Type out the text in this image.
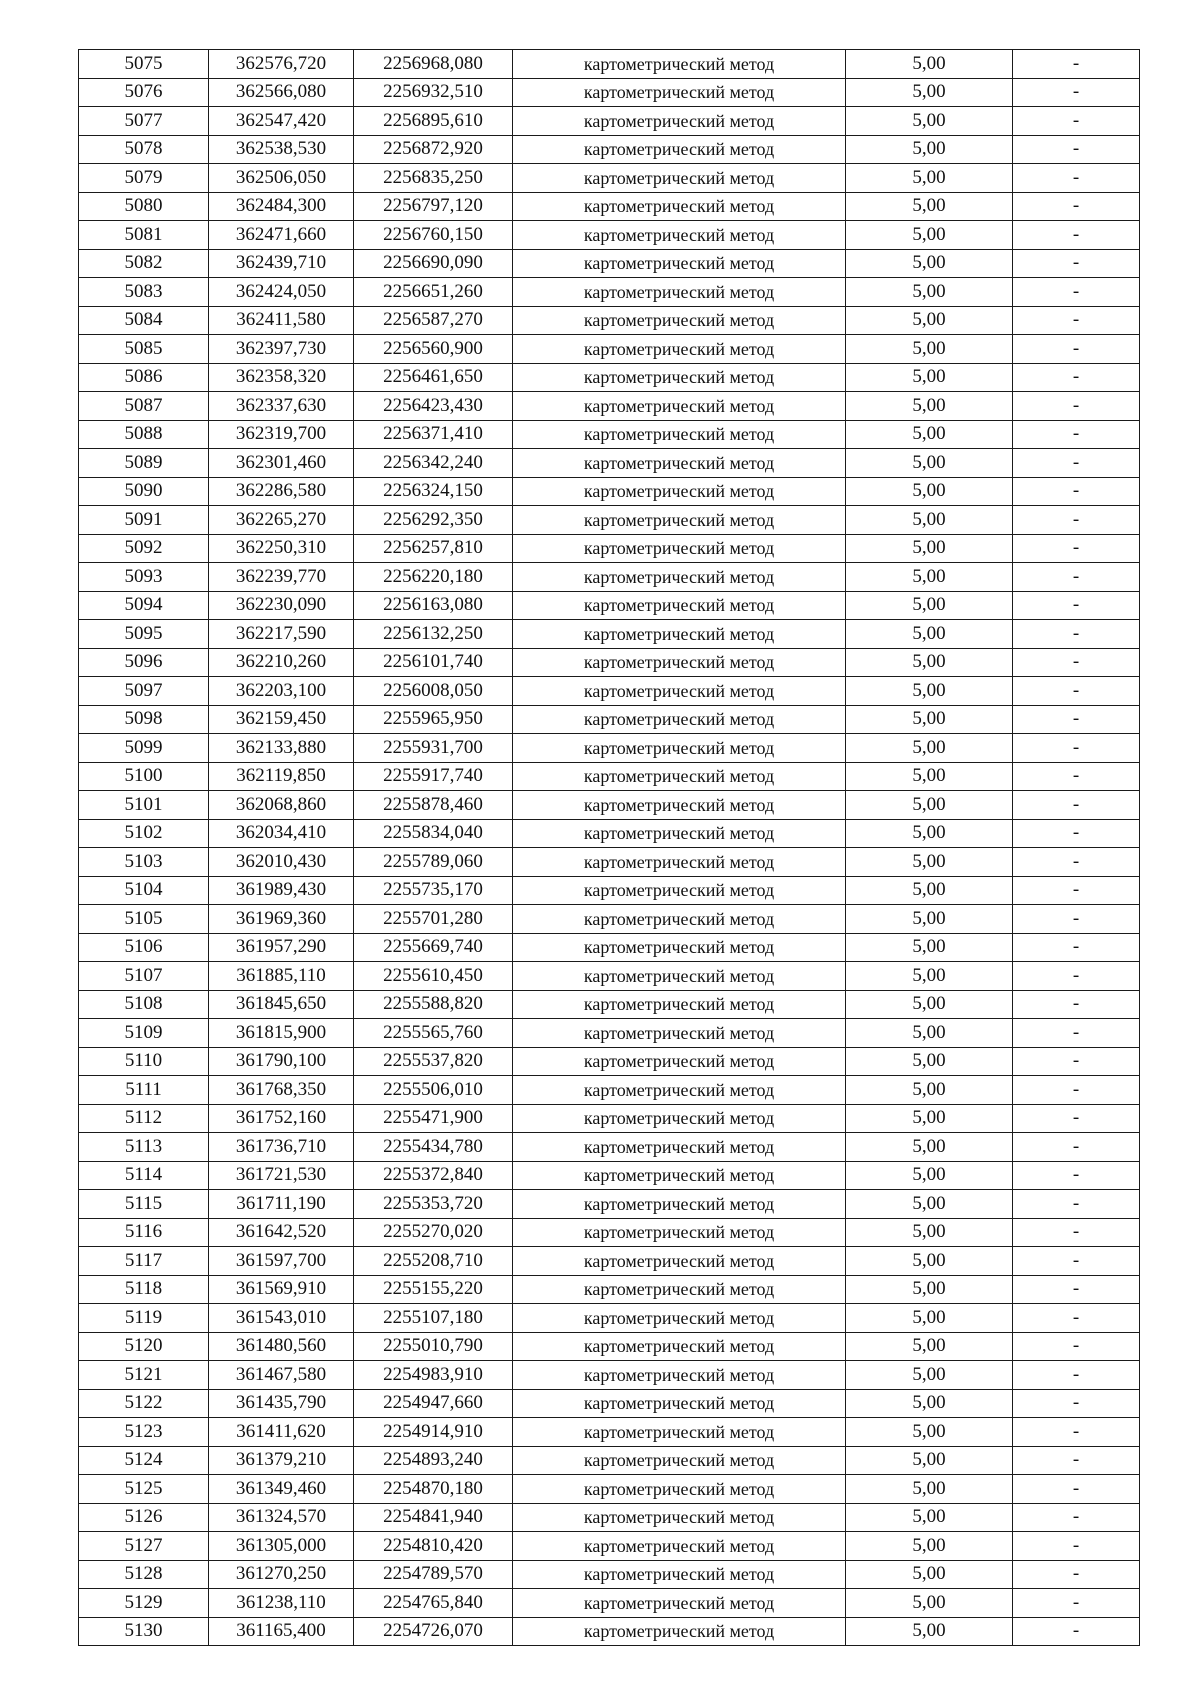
5075	362576,720	2256968,080	картометрический метод	5,00	-
5076	362566,080	2256932,510	картометрический метод	5,00	-
5077	362547,420	2256895,610	картометрический метод	5,00	-
5078	362538,530	2256872,920	картометрический метод	5,00	-
5079	362506,050	2256835,250	картометрический метод	5,00	-
5080	362484,300	2256797,120	картометрический метод	5,00	-
5081	362471,660	2256760,150	картометрический метод	5,00	-
5082	362439,710	2256690,090	картометрический метод	5,00	-
5083	362424,050	2256651,260	картометрический метод	5,00	-
5084	362411,580	2256587,270	картометрический метод	5,00	-
5085	362397,730	2256560,900	картометрический метод	5,00	-
5086	362358,320	2256461,650	картометрический метод	5,00	-
5087	362337,630	2256423,430	картометрический метод	5,00	-
5088	362319,700	2256371,410	картометрический метод	5,00	-
5089	362301,460	2256342,240	картометрический метод	5,00	-
5090	362286,580	2256324,150	картометрический метод	5,00	-
5091	362265,270	2256292,350	картометрический метод	5,00	-
5092	362250,310	2256257,810	картометрический метод	5,00	-
5093	362239,770	2256220,180	картометрический метод	5,00	-
5094	362230,090	2256163,080	картометрический метод	5,00	-
5095	362217,590	2256132,250	картометрический метод	5,00	-
5096	362210,260	2256101,740	картометрический метод	5,00	-
5097	362203,100	2256008,050	картометрический метод	5,00	-
5098	362159,450	2255965,950	картометрический метод	5,00	-
5099	362133,880	2255931,700	картометрический метод	5,00	-
5100	362119,850	2255917,740	картометрический метод	5,00	-
5101	362068,860	2255878,460	картометрический метод	5,00	-
5102	362034,410	2255834,040	картометрический метод	5,00	-
5103	362010,430	2255789,060	картометрический метод	5,00	-
5104	361989,430	2255735,170	картометрический метод	5,00	-
5105	361969,360	2255701,280	картометрический метод	5,00	-
5106	361957,290	2255669,740	картометрический метод	5,00	-
5107	361885,110	2255610,450	картометрический метод	5,00	-
5108	361845,650	2255588,820	картометрический метод	5,00	-
5109	361815,900	2255565,760	картометрический метод	5,00	-
5110	361790,100	2255537,820	картометрический метод	5,00	-
5111	361768,350	2255506,010	картометрический метод	5,00	-
5112	361752,160	2255471,900	картометрический метод	5,00	-
5113	361736,710	2255434,780	картометрический метод	5,00	-
5114	361721,530	2255372,840	картометрический метод	5,00	-
5115	361711,190	2255353,720	картометрический метод	5,00	-
5116	361642,520	2255270,020	картометрический метод	5,00	-
5117	361597,700	2255208,710	картометрический метод	5,00	-
5118	361569,910	2255155,220	картометрический метод	5,00	-
5119	361543,010	2255107,180	картометрический метод	5,00	-
5120	361480,560	2255010,790	картометрический метод	5,00	-
5121	361467,580	2254983,910	картометрический метод	5,00	-
5122	361435,790	2254947,660	картометрический метод	5,00	-
5123	361411,620	2254914,910	картометрический метод	5,00	-
5124	361379,210	2254893,240	картометрический метод	5,00	-
5125	361349,460	2254870,180	картометрический метод	5,00	-
5126	361324,570	2254841,940	картометрический метод	5,00	-
5127	361305,000	2254810,420	картометрический метод	5,00	-
5128	361270,250	2254789,570	картометрический метод	5,00	-
5129	361238,110	2254765,840	картометрический метод	5,00	-
5130	361165,400	2254726,070	картометрический метод	5,00	-
